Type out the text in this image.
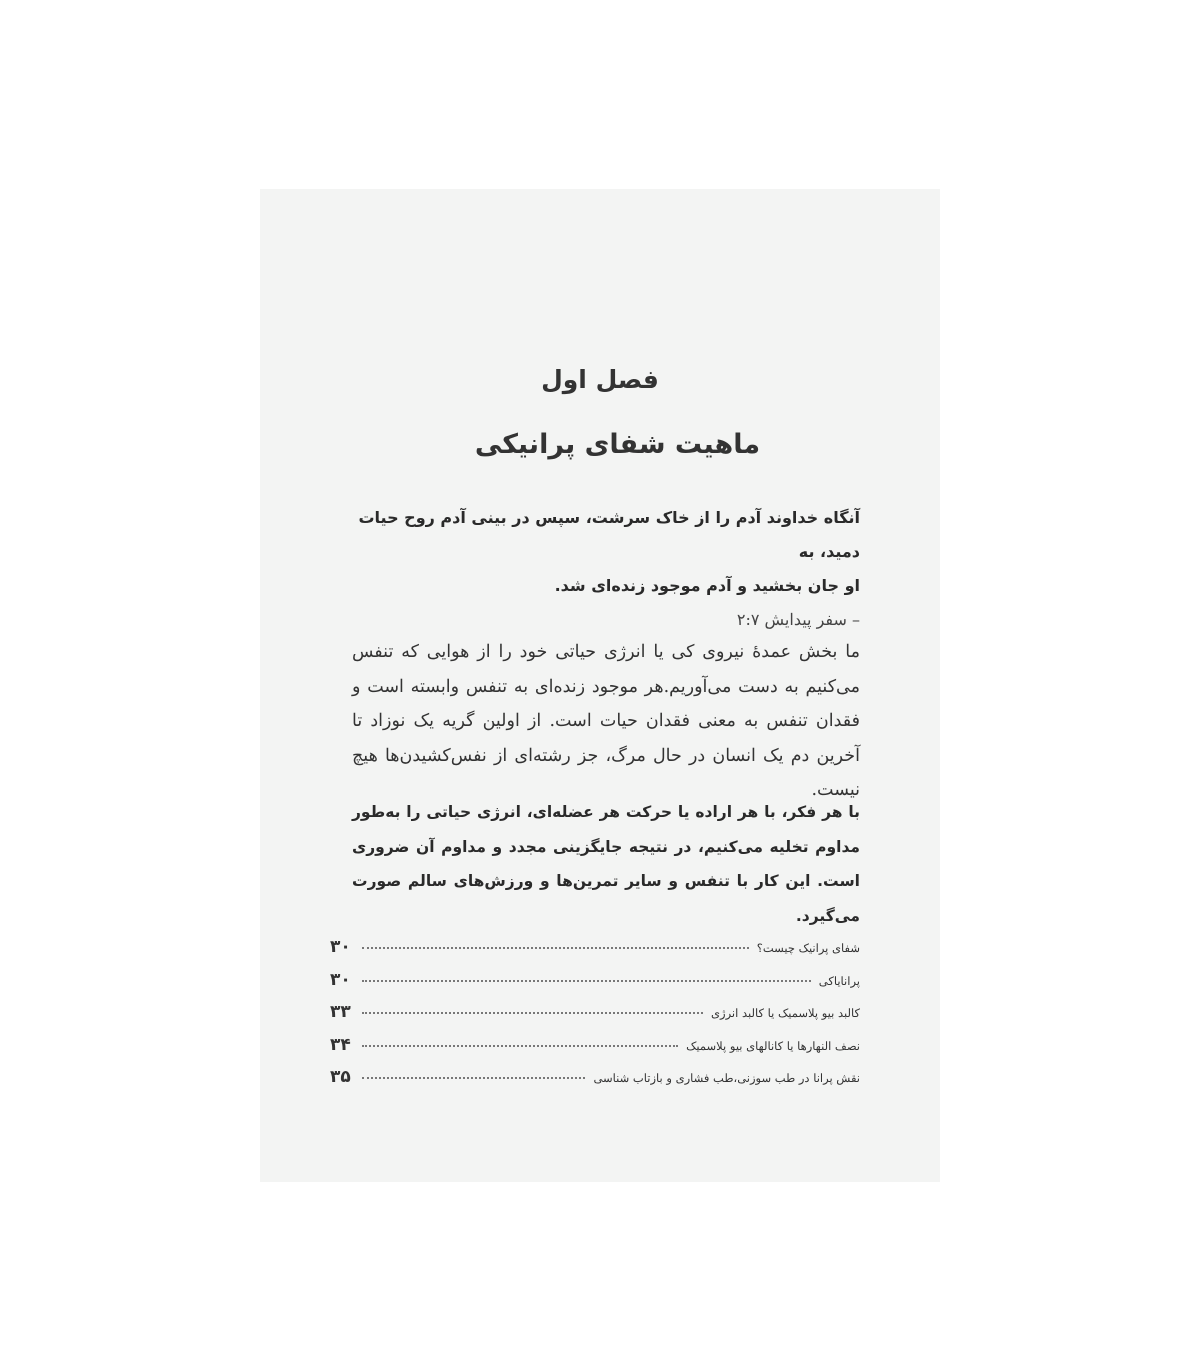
فصل اول
ماهیت شفای پرانیکی

آنگاه خداوند آدم را از خاک سرشت، سپس در بینی آدم روح حیات دمید، به

او جان بخشید و آدم موجود زنده‌ای شد.

– سفر پیدایش ۲:۷

ما بخش عمدهٔ نیروی کی یا انرژی حیاتی خود را از هوایی که تنفس می‌کنیم به دست می‌آوریم.هر موجود زنده‌ای به تنفس وابسته است و فقدان تنفس به معنی فقدان حیات است. از اولین گریه یک نوزاد تا آخرین دم یک انسان در حال مرگ، جز رشته‌ای از نفس‌کشیدن‌ها هیچ نیست.

با هر فکر، با هر اراده یا حرکت هر عضله‌ای، انرژی حیاتی را به‌طور مداوم تخلیه می‌کنیم، در نتیجه جایگزینی مجدد و مداوم آن ضروری است. این کار با تنفس و سایر تمرین‌ها و ورزش‌های سالم صورت می‌گیرد.

شفای پرانیک چیست؟
۳۰
پرانایاکی
۳۰
کالبد بیو پلاسمیک یا کالبد انرژی
۳۳
نصف النهارها یا کانالهای بیو پلاسمیک
۳۴
نقش پرانا در طب سوزنی،طب فشاری و بازتاب شناسی
۳۵
